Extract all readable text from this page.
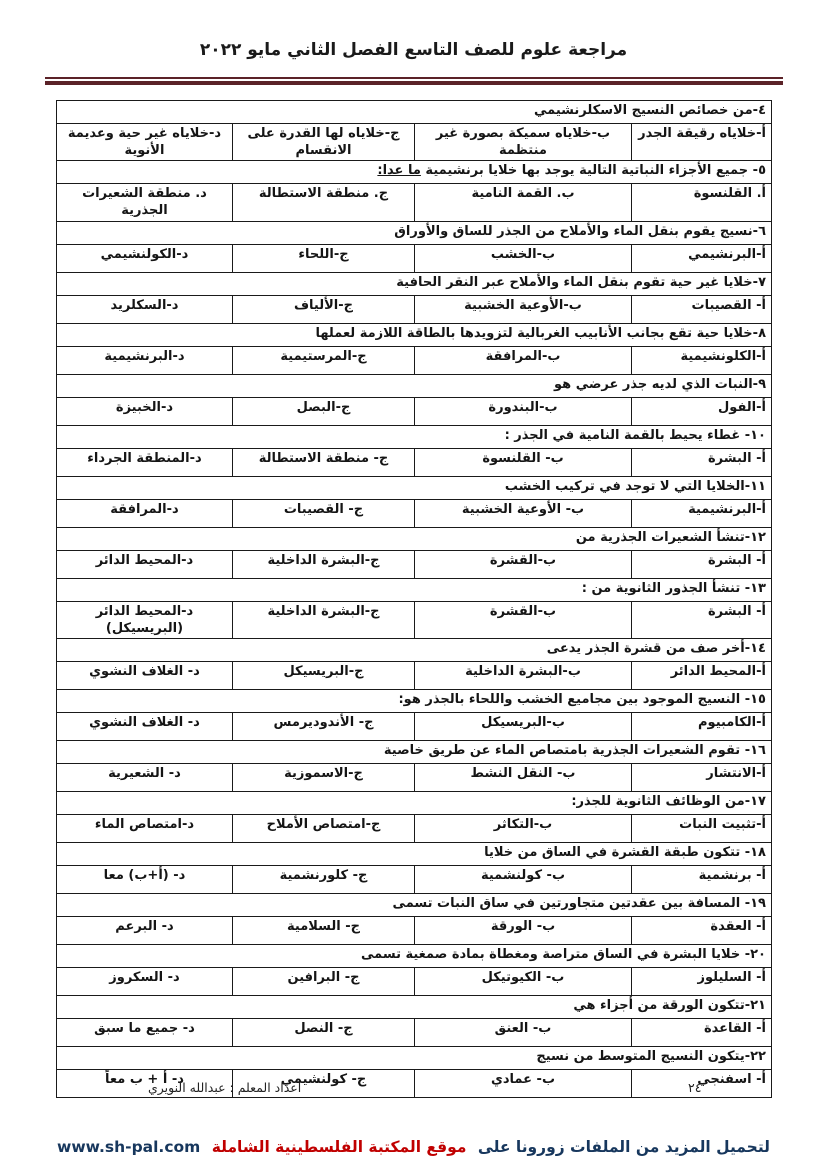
مراجعة علوم للصف التاسع الفصل الثاني مايو ٢٠٢٢
٤-من خصائص النسيج الاسكلرنشيمي			
أ-خلاياه رقيقة الجدر	ب-خلاياه سميكة بصورة غير منتظمة	ج-خلاياه لها القدرة على الانقسام	د-خلاياه غير حية وعديمة الأنوية
٥- جميع الأجزاء النباتية التالية يوجد بها خلايا برنشيمية ما عدا:			
أ. القلنسوة	ب. القمة النامية	ج. منطقة الاستطالة	د. منطقة الشعيرات الجذرية
٦-نسيج يقوم بنقل الماء والأملاح من الجذر للساق والأوراق			
أ-البرنشيمي	ب-الخشب	ج-اللحاء	د-الكولنشيمي
٧-خلايا غير حية تقوم بنقل الماء والأملاح عبر النقر الحافية			
أ- القصيبات	ب-الأوعية الخشبية	ج-الألياف	د-السكلريد
٨-خلايا حية تقع بجانب الأنابيب الغربالية لتزويدها بالطاقة اللازمة لعملها			
أ-الكلونشيمية	ب-المرافقة	ج-المرستيمية	د-البرنشيمية
٩-النبات الذي لديه جذر عرضي هو			
أ-الفول	ب-البندورة	ج-البصل	د-الخبيزة
١٠- غطاء يحيط بالقمة النامية في الجذر :			
أ- البشرة	ب- القلنسوة	ج- منطقة الاستطالة	د-المنطقة الجرداء
١١-الخلايا التي لا توجد في تركيب الخشب			
أ-البرنشيمية	ب- الأوعية الخشبية	ج- القصيبات	د-المرافقة
١٢-تنشأ الشعيرات الجذرية من			
أ- البشرة	ب-القشرة	ج-البشرة الداخلية	د-المحيط الدائر
١٣- تنشأ الجذور الثانوية من :			
أ- البشرة	ب-القشرة	ج-البشرة الداخلية	د-المحيط الدائر (البريسيكل)
١٤-أخر صف من قشرة الجذر يدعى			
أ-المحيط الدائر	ب-البشرة الداخلية	ج-البريسيكل	د- الغلاف النشوي
١٥- النسيج الموجود بين مجاميع الخشب واللحاء بالجذر هو:			
أ-الكامبيوم	ب-البريسيكل	ج- الأندوديرمس	د- الغلاف النشوي
١٦- تقوم الشعيرات الجذرية بامتصاص الماء عن طريق خاصية			
أ-الانتشار	ب- النقل النشط	ج-الاسموزية	د- الشعيرية
١٧-من الوظائف الثانوية للجذر:			
أ-تثبيت النبات	ب-التكاثر	ج-امتصاص الأملاح	د-امتصاص الماء
١٨- تتكون طبقة القشرة في الساق من خلايا			
أ- برنشمية	ب- كولنشمية	ج- كلورنشمية	د- (أ+ب) معا
١٩- المسافة بين عقدتين متجاورتين في ساق النبات تسمى			
أ- العقدة	ب- الورقة	ج- السلامية	د- البرعم
٢٠- خلايا البشرة في الساق متراصة ومغطاة بمادة صمغية تسمى			
أ- السليلوز	ب- الكيوتيكل	ج- البرافين	د- السكروز
٢١-تتكون الورقة من أجزاء هي			
أ- القاعدة	ب- العنق	ج- النصل	د- جميع ما سبق
٢٢-يتكون النسيج المتوسط من نسيج			
أ- اسفنجي	ب- عمادي	ج- كولنشيمي	د- أ + ب معاً
اعداد المعلم : عبدالله النويري	٢٤
لتحميل المزيد من الملفات زورونا على موقع المكتبة الفلسطينية الشاملة www.sh-pal.com
